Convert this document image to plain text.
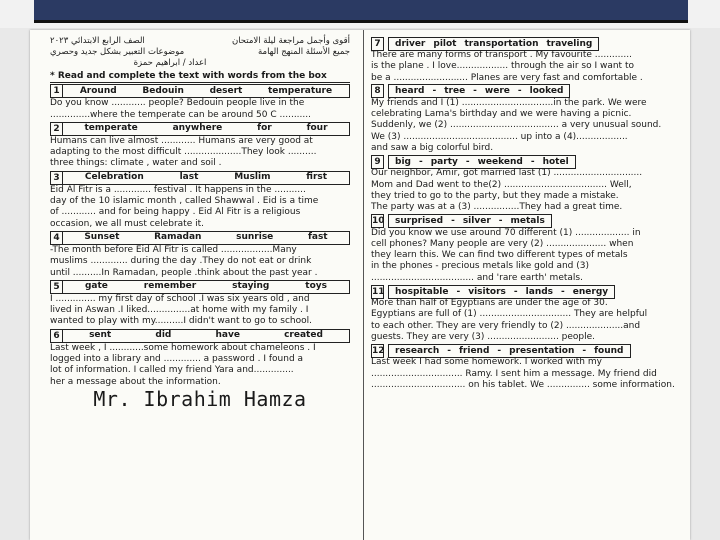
أقوى وأجمل مراجعة ليلة الامتحان
الصف الرابع الابتدائي ٢٠٢٣
جميع الأسئلة المنهج الهامة
موضوعات التعبير بشكل جديد وحصري
اعداد / ابراهيم حمزة
* Read and complete the text with words from the box
1	Around	Bedouin	desert	temperature

Do you know ............ people? Bedouin people live in the

..............where the temperate can be around 50 C ...........

2	temperate	anywhere	for	four

Humans can live almost ............ Humans are very good at

adapting to the most difficult ....................They look ..........

three things: climate , water and soil .

3	Celebration	last	Muslim	first

Eid Al Fitr is a ............. festival . It happens in the ...........

day of the 10 islamic month , called Shawwal . Eid is a time

of ............ and for being happy . Eid Al Fitr is a religious

occasion, we all must celebrate it.

4	Sunset	Ramadan	sunrise	fast

-The month before Eid Al Fitr is called ..................Many

muslims ............. during the day .They do not eat or drink

until ..........In Ramadan, people .think about the past year .

5	gate	remember	staying	toys

I .............. my first day of school .I was six years old , and

lived in Aswan .I liked...............at home with my family . I

wanted to play with my..........I didn't want to go to school.

6	sent	did	have	created

Last week , I ............some homework about chameleons . I

logged into a library and ............. a password . I found a

lot of information. I called my friend Yara and..............

her a message about the information.

Mr. Ibrahim Hamza
7	driver pilot transportation traveling

There are many forms of transport . My favourite .............

is the plane . I love.................. through the air so I want to

be a .......................... Planes are very fast and comfortable .

8	heard - tree - were - looked

My friends and I (1) ................................in the park. We were

celebrating Lama's birthday and we were having a picnic.

Suddenly, we (2) ...................................... a very unusual sound.

We (3) ........................................ up into a (4)..................

and saw a big colorful bird.

9	big - party - weekend - hotel

Our neighbor, Amir, got married last (1) ...............................

Mom and Dad went to the(2) .................................... Well,

they tried to go to the party, but they made a mistake.

The party was at a (3) ................They had a great time.

10 surprised - silver - metals

Did you know we use around 70 different (1) ................... in

cell phones? Many people are very (2) ..................... when

they learn this. We can find two different types of metals

in the phones - precious metals like gold and (3)

.................................... and 'rare earth' metals.

11 hospitable - visitors - lands - energy

More than half of Egyptians are under the age of 30.

Egyptians are full of (1) ................................ They are helpful

to each other. They are very friendly to (2) ....................and

guests. They are very (3) ......................... people.

12 research - friend - presentation - found

Last week I had some homework. I worked with my

................................ Ramy. I sent him a message. My friend did

................................. on his tablet. We ............... some information.
